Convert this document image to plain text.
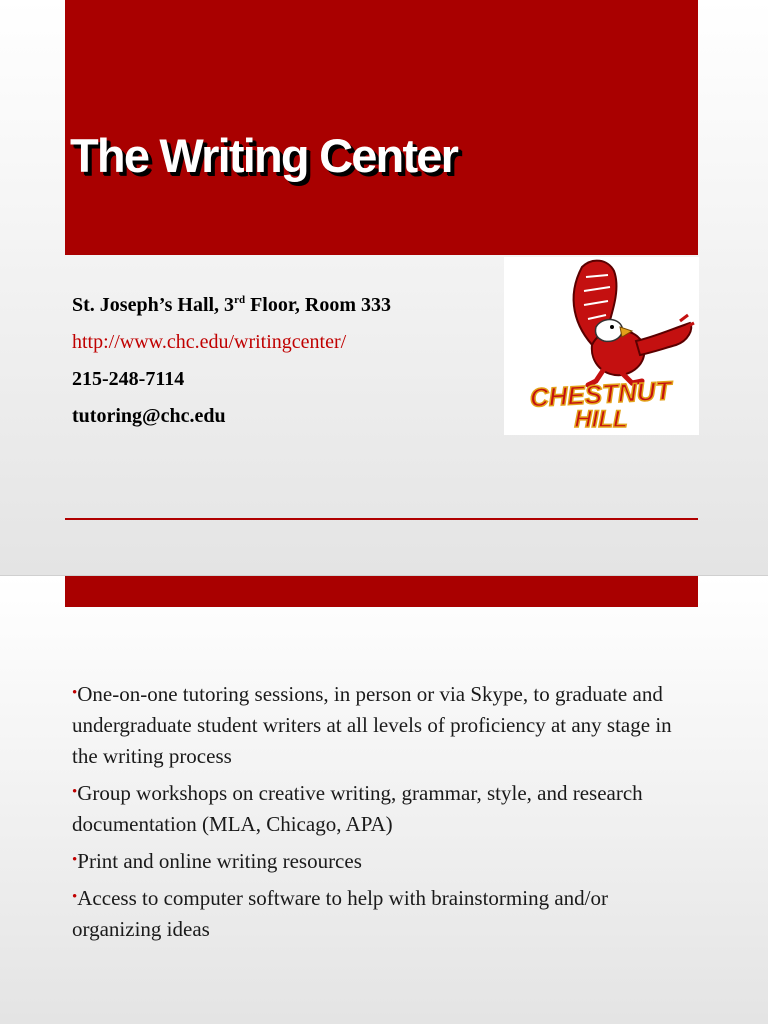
The Writing Center
St. Joseph’s Hall, 3rd Floor, Room 333
http://www.chc.edu/writingcenter/
215-248-7114
tutoring@chc.edu
CHESTNUT
HILL
•One-on-one tutoring sessions, in person or via Skype, to graduate and undergraduate student writers at all levels of proficiency at any stage in the writing process
•Group workshops on creative writing, grammar, style, and research documentation (MLA, Chicago, APA)
•Print and online writing resources
•Access to computer software to help with brainstorming and/or organizing ideas
